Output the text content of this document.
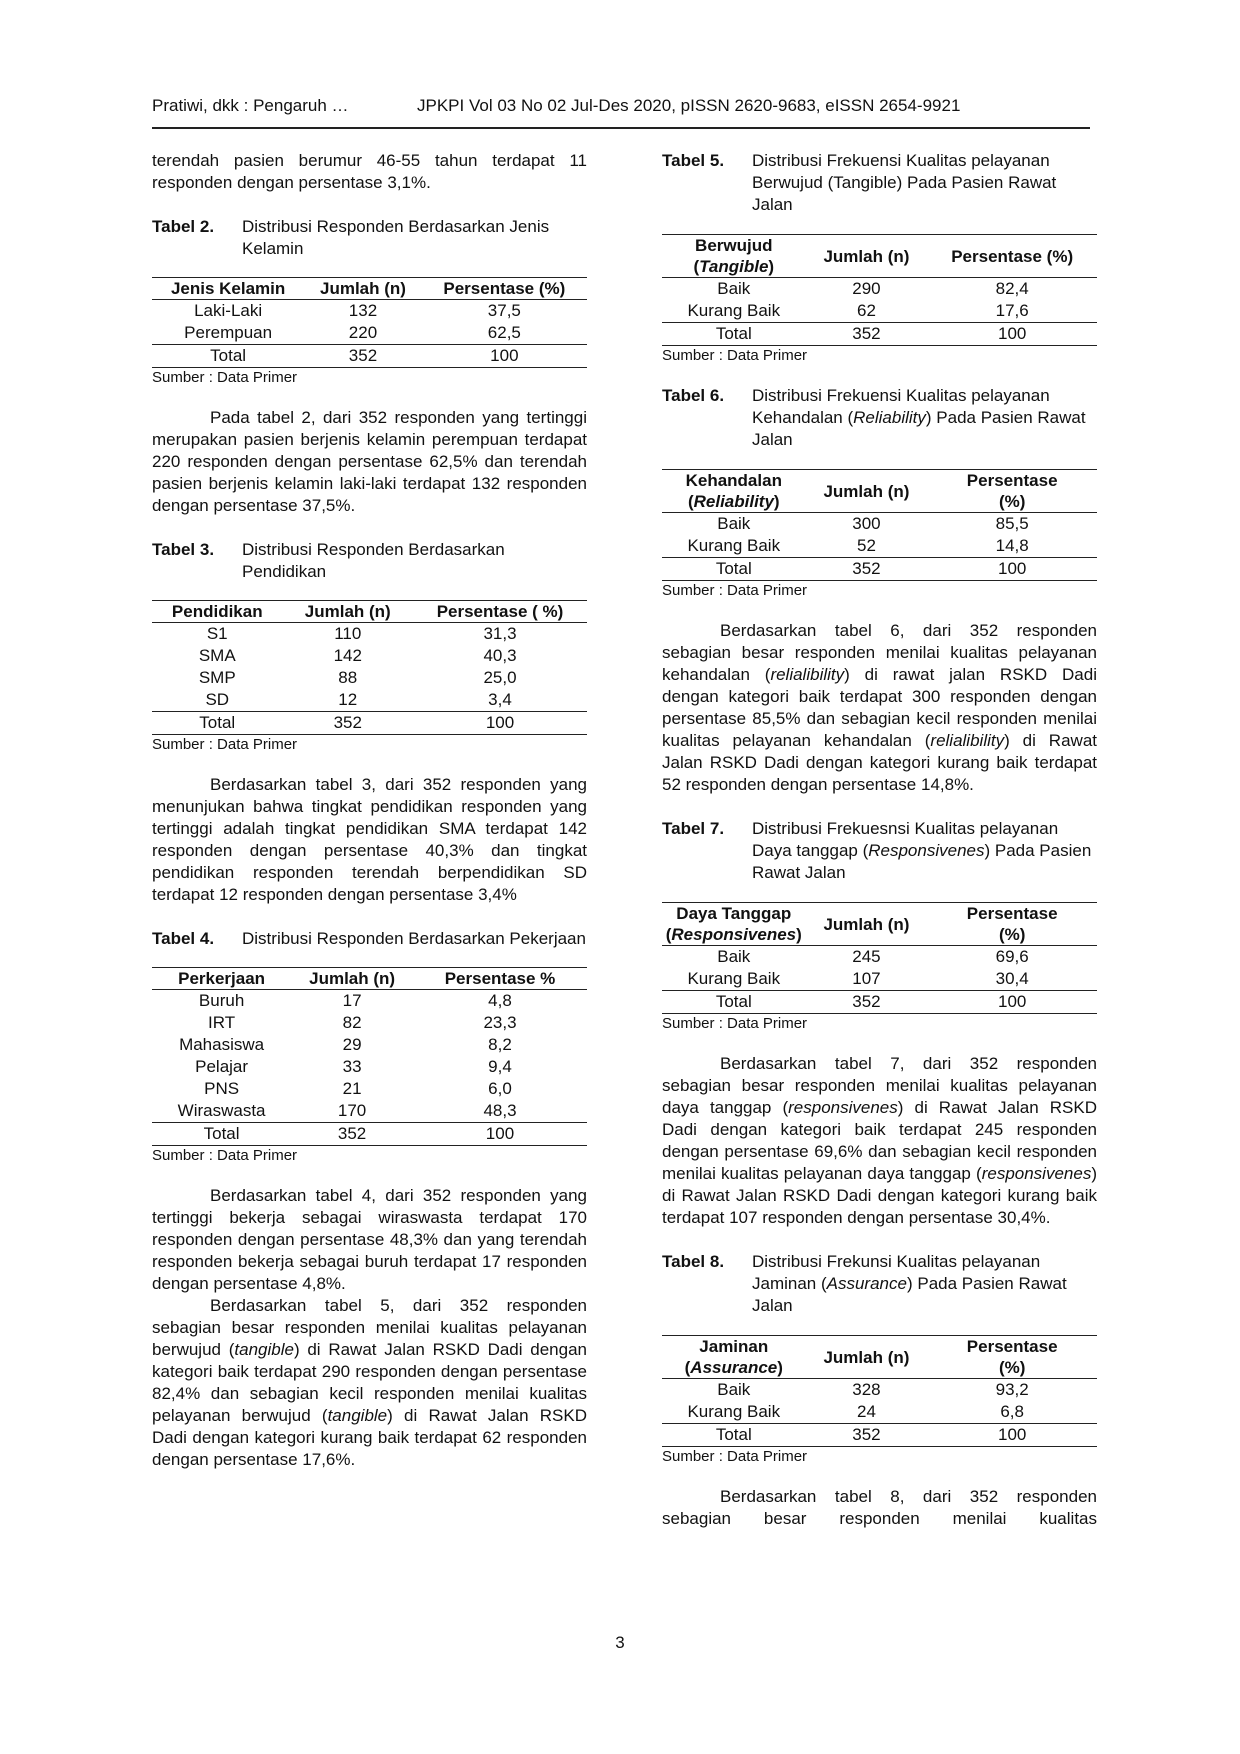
Pratiwi, dkk : Pengaruh …	JPKPI Vol 03 No 02 Jul-Des 2020, pISSN 2620-9683, eISSN 2654-9921

terendah pasien berumur 46-55 tahun terdapat 11 responden dengan persentase 3,1%.

Tabel 2.	Distribusi Responden Berdasarkan Jenis Kelamin
Jenis Kelamin	Jumlah (n)	Persentase (%)
Laki-Laki	132	37,5
Perempuan	220	62,5
Total	352	100
Sumber : Data Primer

Pada tabel 2, dari 352 responden yang tertinggi merupakan pasien berjenis kelamin perempuan terdapat 220 responden dengan persentase 62,5% dan terendah pasien berjenis kelamin laki-laki terdapat 132 responden dengan persentase 37,5%.

Tabel 3.	Distribusi Responden Berdasarkan Pendidikan
Pendidikan	Jumlah (n)	Persentase ( %)
S1	110	31,3
SMA	142	40,3
SMP	88	25,0
SD	12	3,4
Total	352	100
Sumber : Data Primer

Berdasarkan tabel 3, dari 352 responden yang menunjukan bahwa tingkat pendidikan responden yang tertinggi adalah tingkat pendidikan SMA terdapat 142 responden dengan persentase 40,3% dan tingkat pendidikan responden terendah berpendidikan SD terdapat 12 responden dengan persentase 3,4%

Tabel 4.	Distribusi Responden Berdasarkan Pekerjaan
Perkerjaan	Jumlah (n)	Persentase %
Buruh	17	4,8
IRT	82	23,3
Mahasiswa	29	8,2
Pelajar	33	9,4
PNS	21	6,0
Wiraswasta	170	48,3
Total	352	100
Sumber : Data Primer

Berdasarkan tabel 4, dari 352 responden yang tertinggi bekerja sebagai wiraswasta terdapat 170 responden dengan persentase 48,3% dan yang terendah responden bekerja sebagai buruh terdapat 17 responden dengan persentase 4,8%.

Berdasarkan tabel 5, dari 352 responden sebagian besar responden menilai kualitas pelayanan berwujud (tangible) di Rawat Jalan RSKD Dadi dengan kategori baik terdapat 290 responden dengan persentase 82,4% dan sebagian kecil responden menilai kualitas pelayanan berwujud (tangible) di Rawat Jalan RSKD Dadi dengan kategori kurang baik terdapat 62 responden dengan persentase 17,6%.

Tabel 5.	Distribusi Frekuensi Kualitas pelayanan Berwujud (Tangible) Pada Pasien Rawat Jalan
Berwujud
(Tangible)	Jumlah (n)	Persentase (%)
Baik	290	82,4
Kurang Baik	62	17,6
Total	352	100
Sumber : Data Primer
Tabel 6.	Distribusi Frekuensi Kualitas pelayanan Kehandalan (Reliability) Pada Pasien Rawat Jalan
Kehandalan
(Reliability)	Jumlah (n)	Persentase
(%)
Baik	300	85,5
Kurang Baik	52	14,8
Total	352	100
Sumber : Data Primer

Berdasarkan tabel 6, dari 352 responden sebagian besar responden menilai kualitas pelayanan kehandalan (relialibility) di rawat jalan RSKD Dadi dengan kategori baik terdapat 300 responden dengan persentase 85,5% dan sebagian kecil responden menilai kualitas pelayanan kehandalan (relialibility) di Rawat Jalan RSKD Dadi dengan kategori kurang baik terdapat 52 responden dengan persentase 14,8%.

Tabel 7.	Distribusi Frekuesnsi Kualitas pelayanan Daya tanggap (Responsivenes) Pada Pasien Rawat Jalan
Daya Tanggap
(Responsivenes)	Jumlah (n)	Persentase
(%)
Baik	245	69,6
Kurang Baik	107	30,4
Total	352	100
Sumber : Data Primer

Berdasarkan tabel 7, dari 352 responden sebagian besar responden menilai kualitas pelayanan daya tanggap (responsivenes) di Rawat Jalan RSKD Dadi dengan kategori baik terdapat 245 responden dengan persentase 69,6% dan sebagian kecil responden menilai kualitas pelayanan daya tanggap (responsivenes) di Rawat Jalan RSKD Dadi dengan kategori kurang baik terdapat 107 responden dengan persentase 30,4%.

Tabel 8.	Distribusi Frekunsi Kualitas pelayanan Jaminan (Assurance) Pada Pasien Rawat Jalan
Jaminan
(Assurance)	Jumlah (n)	Persentase
(%)
Baik	328	93,2
Kurang Baik	24	6,8
Total	352	100
Sumber : Data Primer

Berdasarkan tabel 8, dari 352 responden sebagian besar responden menilai kualitas

3
